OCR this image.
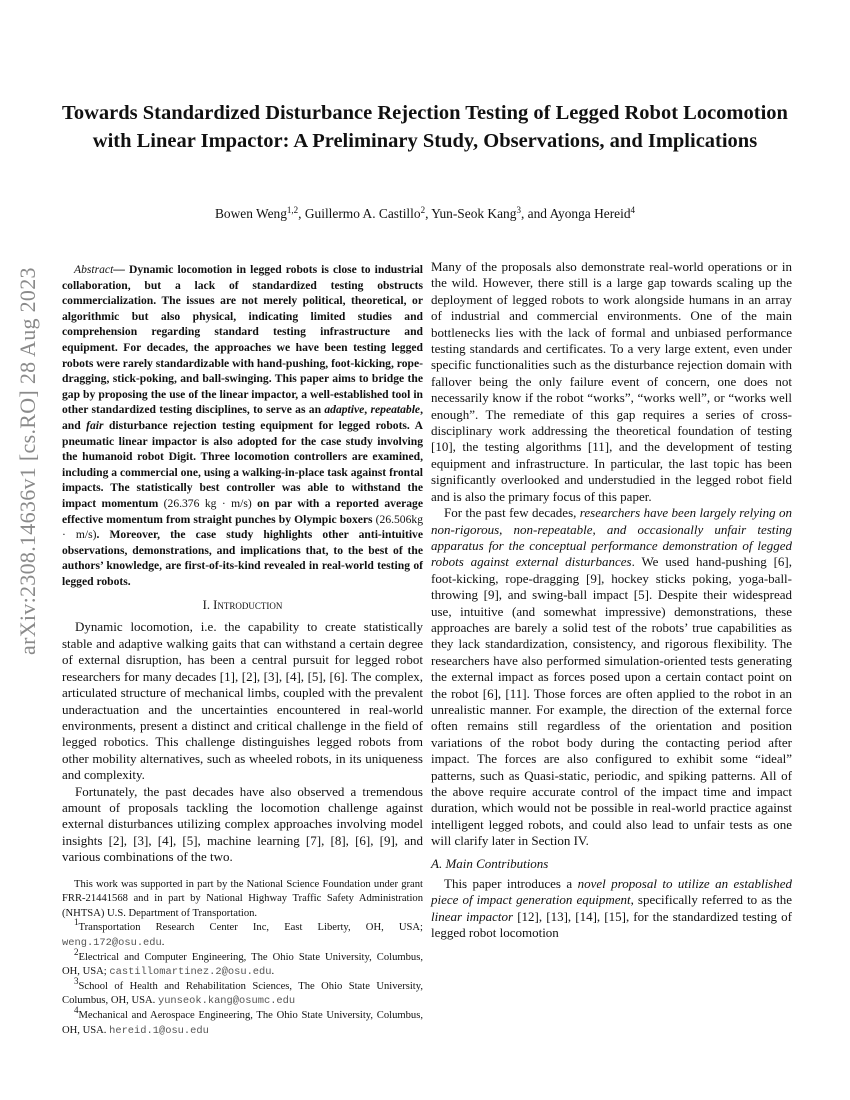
arXiv:2308.14636v1 [cs.RO] 28 Aug 2023
Towards Standardized Disturbance Rejection Testing of Legged Robot Locomotion with Linear Impactor: A Preliminary Study, Observations, and Implications
Bowen Weng$^{1,2}$, Guillermo A. Castillo$^2$, Yun-Seok Kang$^3$, and Ayonga Hereid$^4$

Abstract— Dynamic locomotion in legged robots is close to industrial collaboration, but a lack of standardized testing obstructs commercialization. The issues are not merely political, theoretical, or algorithmic but also physical, indicating limited studies and comprehension regarding standard testing infrastructure and equipment. For decades, the approaches we have been testing legged robots were rarely standardizable with hand-pushing, foot-kicking, rope-dragging, stick-poking, and ball-swinging. This paper aims to bridge the gap by proposing the use of the linear impactor, a well-established tool in other standardized testing disciplines, to serve as an adaptive, repeatable, and fair disturbance rejection testing equipment for legged robots. A pneumatic linear impactor is also adopted for the case study involving the humanoid robot Digit. Three locomotion controllers are examined, including a commercial one, using a walking-in-place task against frontal impacts. The statistically best controller was able to withstand the impact momentum (26.376 kg · m/s) on par with a reported average effective momentum from straight punches by Olympic boxers (26.506kg · m/s). Moreover, the case study highlights other anti-intuitive observations, demonstrations, and implications that, to the best of the authors’ knowledge, are first-of-its-kind revealed in real-world testing of legged robots.

I. Introduction

Dynamic locomotion, i.e. the capability to create statistically stable and adaptive walking gaits that can withstand a certain degree of external disruption, has been a central pursuit for legged robot researchers for many decades [1], [2], [3], [4], [5], [6]. The complex, articulated structure of mechanical limbs, coupled with the prevalent underactuation and the uncertainties encountered in real-world environments, present a distinct and critical challenge in the field of legged robotics. This challenge distinguishes legged robots from other mobility alternatives, such as wheeled robots, in its uniqueness and complexity.

Fortunately, the past decades have also observed a tremendous amount of proposals tackling the locomotion challenge against external disturbances utilizing complex approaches involving model insights [2], [3], [4], [5], machine learning [7], [8], [6], [9], and various combinations of the two.

This work was supported in part by the National Science Foundation under grant FRR-21441568 and in part by National Highway Traffic Safety Administration (NHTSA) U.S. Department of Transportation.

$^1$Transportation Research Center Inc, East Liberty, OH, USA; weng.172@osu.edu.

$^2$Electrical and Computer Engineering, The Ohio State University, Columbus, OH, USA; castillomartinez.2@osu.edu.

$^3$School of Health and Rehabilitation Sciences, The Ohio State University, Columbus, OH, USA. yunseok.kang@osumc.edu

$^4$Mechanical and Aerospace Engineering, The Ohio State University, Columbus, OH, USA. hereid.1@osu.edu

Many of the proposals also demonstrate real-world operations or in the wild. However, there still is a large gap towards scaling up the deployment of legged robots to work alongside humans in an array of industrial and commercial environments. One of the main bottlenecks lies with the lack of formal and unbiased performance testing standards and certificates. To a very large extent, even under specific functionalities such as the disturbance rejection domain with fallover being the only failure event of concern, one does not necessarily know if the robot “works”, “works well”, or “works well enough”. The remediate of this gap requires a series of cross-disciplinary work addressing the theoretical foundation of testing [10], the testing algorithms [11], and the development of testing equipment and infrastructure. In particular, the last topic has been significantly overlooked and understudied in the legged robot field and is also the primary focus of this paper.

For the past few decades, researchers have been largely relying on non-rigorous, non-repeatable, and occasionally unfair testing apparatus for the conceptual performance demonstration of legged robots against external disturbances. We used hand-pushing [6], foot-kicking, rope-dragging [9], hockey sticks poking, yoga-ball-throwing [9], and swing-ball impact [5]. Despite their widespread use, intuitive (and somewhat impressive) demonstrations, these approaches are barely a solid test of the robots’ true capabilities as they lack standardization, consistency, and rigorous flexibility. The researchers have also performed simulation-oriented tests generating the external impact as forces posed upon a certain contact point on the robot [6], [11]. Those forces are often applied to the robot in an unrealistic manner. For example, the direction of the external force often remains still regardless of the orientation and position variations of the robot body during the contacting period after impact. The forces are also configured to exhibit some “ideal” patterns, such as Quasi-static, periodic, and spiking patterns. All of the above require accurate control of the impact time and impact duration, which would not be possible in real-world practice against intelligent legged robots, and could also lead to unfair tests as one will clarify later in Section IV.

A. Main Contributions

This paper introduces a novel proposal to utilize an established piece of impact generation equipment, specifically referred to as the linear impactor [12], [13], [14], [15], for the standardized testing of legged robot locomotion
